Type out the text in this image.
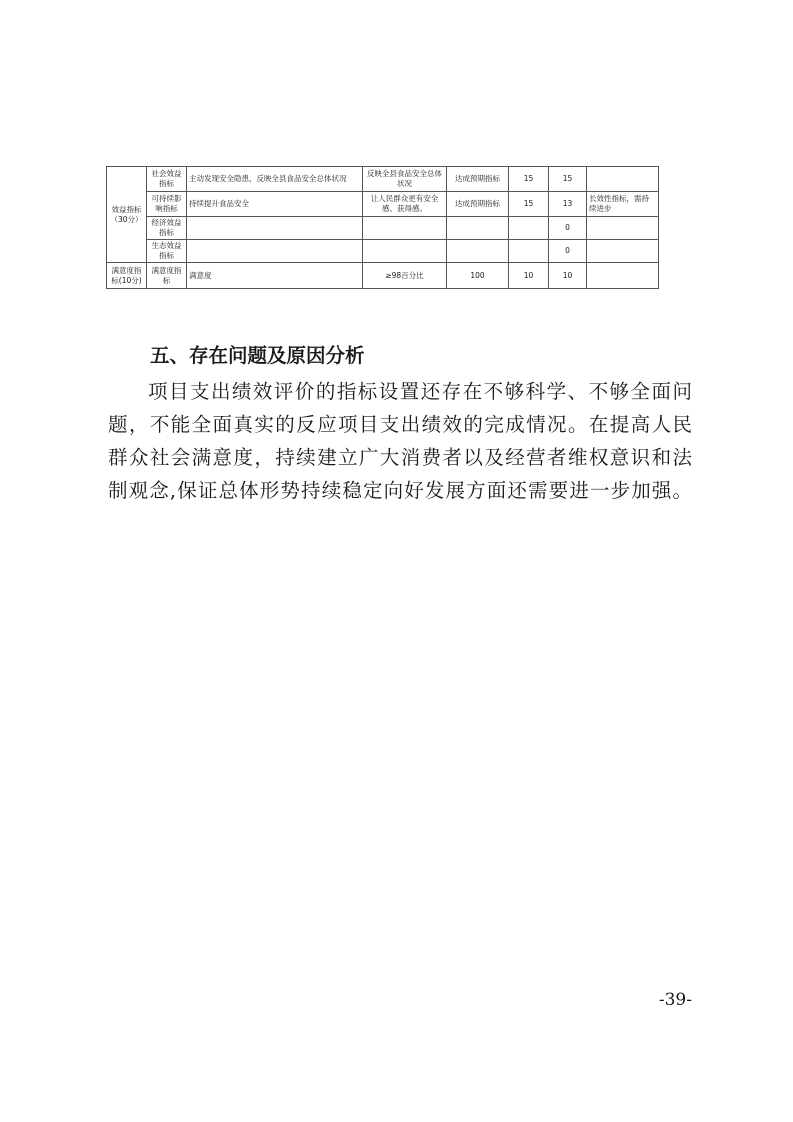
效益指标（30分）	社会效益指标	主动发现安全隐患，反映全县食品安全总体状况	反映全县食品安全总体状况	达成预期指标	15	15	
	可持续影响指标	持续提升食品安全	让人民群众更有安全感、获得感。	达成预期指标	15	13	长效性指标，需持续进步
	经济效益指标					0	
	生态效益指标					0	
满意度指标(10分)	满意度指标	满意度	≥98百分比	100	10	10	
五、存在问题及原因分析
项目支出绩效评价的指标设置还存在不够科学、不够全面问
题，不能全面真实的反应项目支出绩效的完成情况。在提高人民
群众社会满意度，持续建立广大消费者以及经营者维权意识和法
制观念,保证总体形势持续稳定向好发展方面还需要进一步加强。
-39-
